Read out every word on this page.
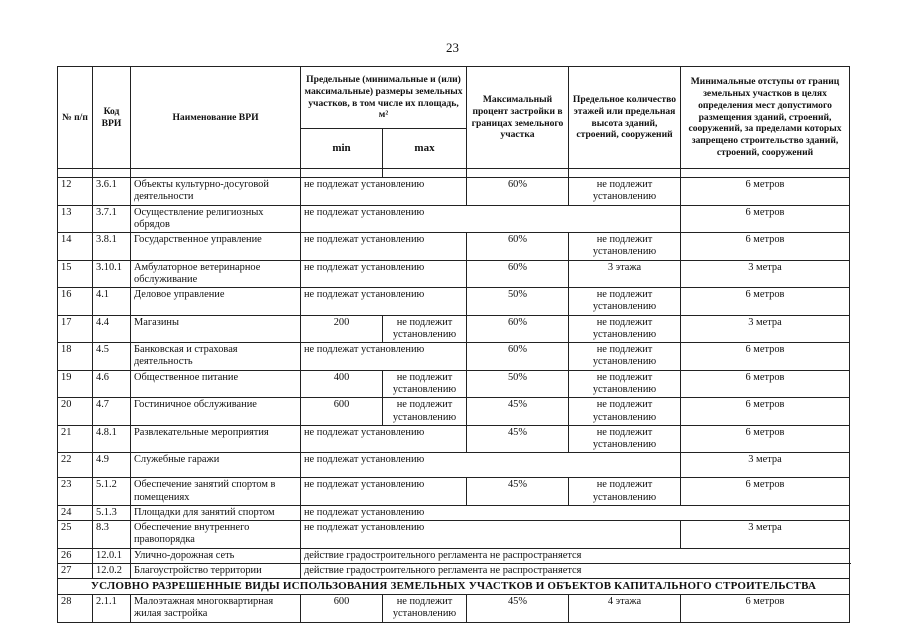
23
№ п/п	Код ВРИ	Наименование ВРИ	Предельные (минимальные и (или) максимальные) размеры земельных участков, в том числе их площадь, м²		Максимальный процент застройки в границах земельного участка	Предельное количество этажей или предельная высота зданий, строений, сооружений	Минимальные отступы от границ земельных участков в целях определения мест допустимого размещения зданий, строений, сооружений, за пределами которых запрещено строительство зданий, строений, сооружений
			min	max			

12	3.6.1	Объекты культурно-досуговой деятельности	не подлежат установлению		60%	не подлежит установлению	6 метров
13	3.7.1	Осуществление религиозных обрядов	не подлежат установлению				6 метров
14	3.8.1	Государственное управление	не подлежат установлению		60%	не подлежит установлению	6 метров
15	3.10.1	Амбулаторное ветеринарное обслуживание	не подлежат установлению		60%	3 этажа	3 метра
16	4.1	Деловое управление	не подлежат установлению		50%	не подлежит установлению	6 метров
17	4.4	Магазины	200	не подлежит установлению	60%	не подлежит установлению	3 метра
18	4.5	Банковская и страховая деятельность	не подлежат установлению		60%	не подлежит установлению	6 метров
19	4.6	Общественное питание	400	не подлежит установлению	50%	не подлежит установлению	6 метров
20	4.7	Гостиничное обслуживание	600	не подлежит установлению	45%	не подлежит установлению	6 метров
21	4.8.1	Развлекательные мероприятия	не подлежат установлению		45%	не подлежит установлению	6 метров
22	4.9	Служебные гаражи	не подлежат установлению				3 метра
23	5.1.2	Обеспечение занятий спортом в помещениях	не подлежат установлению		45%	не подлежит установлению	6 метров
24	5.1.3	Площадки для занятий спортом	не подлежат установлению				
25	8.3	Обеспечение внутреннего правопорядка	не подлежат установлению				3 метра
26	12.0.1	Улично-дорожная сеть	действие градостроительного регламента не распространяется				
27	12.0.2	Благоустройство территории	действие градостроительного регламента не распространяется				
УСЛОВНО РАЗРЕШЕННЫЕ ВИДЫ ИСПОЛЬЗОВАНИЯ ЗЕМЕЛЬНЫХ УЧАСТКОВ И ОБЪЕКТОВ КАПИТАЛЬНОГО СТРОИТЕЛЬСТВА							
28	2.1.1	Малоэтажная многоквартирная жилая застройка	600	не подлежит установлению	45%	4 этажа	6 метров
